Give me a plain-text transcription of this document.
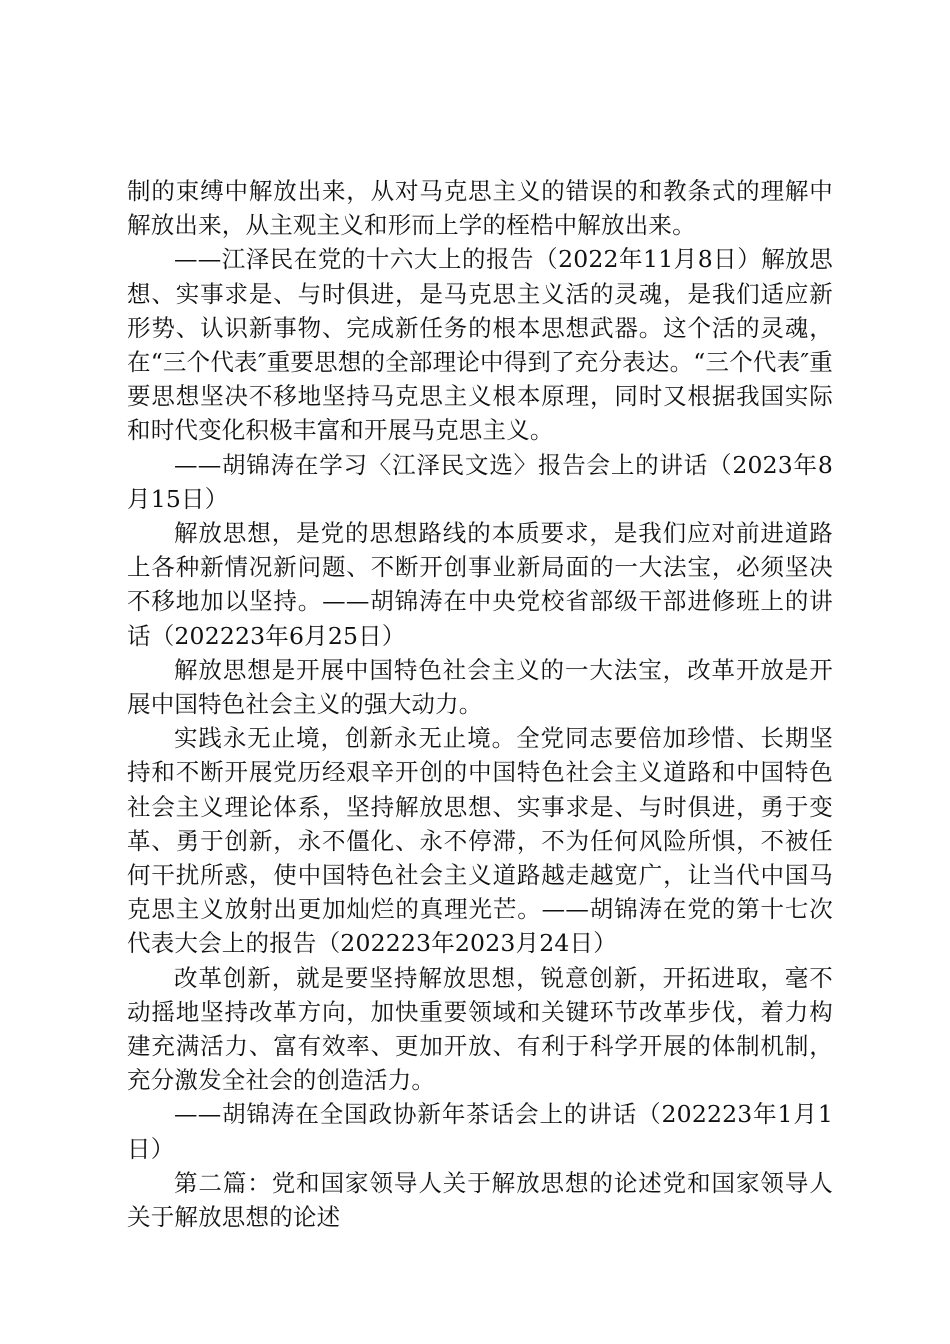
制的束缚中解放出来，从对马克思主义的错误的和教条式的理解中解放出来，从主观主义和形而上学的桎梏中解放出来。

——江泽民在党的十六大上的报告（2022年11月8日）解放思想、实事求是、与时俱进，是马克思主义活的灵魂，是我们适应新形势、认识新事物、完成新任务的根本思想武器。这个活的灵魂，在“三个代表″重要思想的全部理论中得到了充分表达。“三个代表″重要思想坚决不移地坚持马克思主义根本原理，同时又根据我国实际和时代变化积极丰富和开展马克思主义。

——胡锦涛在学习〈江泽民文选〉报告会上的讲话（2023年8月15日）

解放思想，是党的思想路线的本质要求，是我们应对前进道路上各种新情况新问题、不断开创事业新局面的一大法宝，必须坚决不移地加以坚持。——胡锦涛在中央党校省部级干部进修班上的讲话（202223年6月25日）

解放思想是开展中国特色社会主义的一大法宝，改革开放是开展中国特色社会主义的强大动力。

实践永无止境，创新永无止境。全党同志要倍加珍惜、长期坚持和不断开展党历经艰辛开创的中国特色社会主义道路和中国特色社会主义理论体系，坚持解放思想、实事求是、与时俱进，勇于变革、勇于创新，永不僵化、永不停滞，不为任何风险所惧，不被任何干扰所惑，使中国特色社会主义道路越走越宽广，让当代中国马克思主义放射出更加灿烂的真理光芒。——胡锦涛在党的第十七次代表大会上的报告（202223年2023月24日）

改革创新，就是要坚持解放思想，锐意创新，开拓进取，毫不动摇地坚持改革方向，加快重要领域和关键环节改革步伐，着力构建充满活力、富有效率、更加开放、有利于科学开展的体制机制，充分激发全社会的创造活力。

——胡锦涛在全国政协新年茶话会上的讲话（202223年1月1日）

第二篇：党和国家领导人关于解放思想的论述党和国家领导人关于解放思想的论述
